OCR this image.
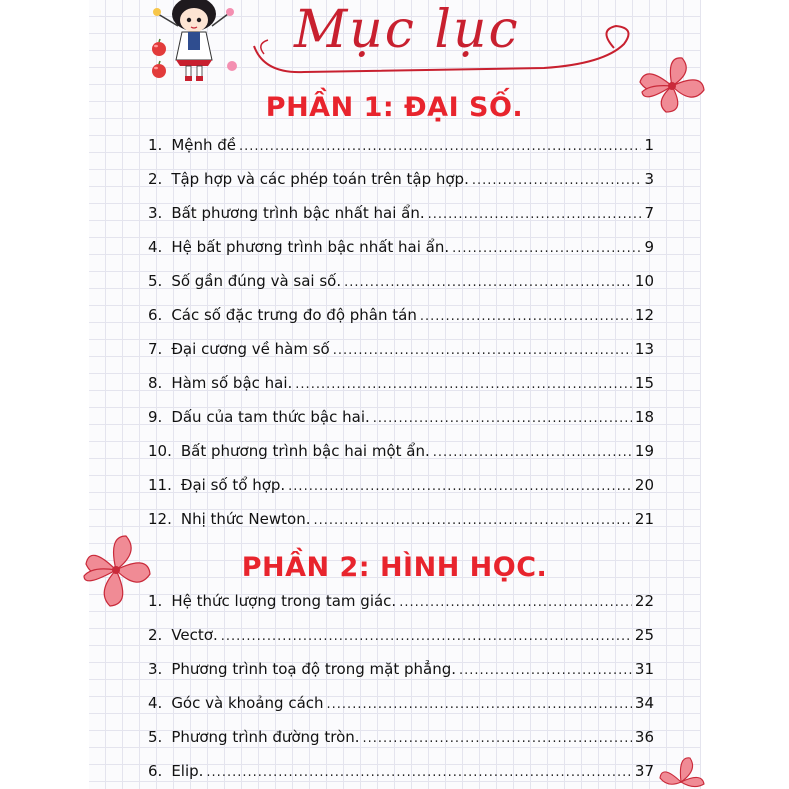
Mục lục
PHẦN 1: ĐẠI SỐ.
1. Mệnh đề .....	1
2. Tập hợp và các phép toán trên tập hợp. .....	3
3. Bất phương trình bậc nhất hai ẩn. .....	7
4. Hệ bất phương trình bậc nhất hai ẩn. .....	9
5. Số gần đúng và sai số. .....	10
6. Các số đặc trưng đo độ phân tán .....	12
7. Đại cương về hàm số .....	13
8. Hàm số bậc hai. .....	15
9. Dấu của tam thức bậc hai. .....	18
10. Bất phương trình bậc hai một ẩn. .....	19
11. Đại số tổ hợp. .....	20
12. Nhị thức Newton. .....	21
PHẦN 2: HÌNH HỌC.
1. Hệ thức lượng trong tam giác. .....	22
2. Vectơ. .....	25
3. Phương trình toạ độ trong mặt phẳng. .....	31
4. Góc và khoảng cách .....	34
5. Phương trình đường tròn. .....	36
6. Elip. .....	37
